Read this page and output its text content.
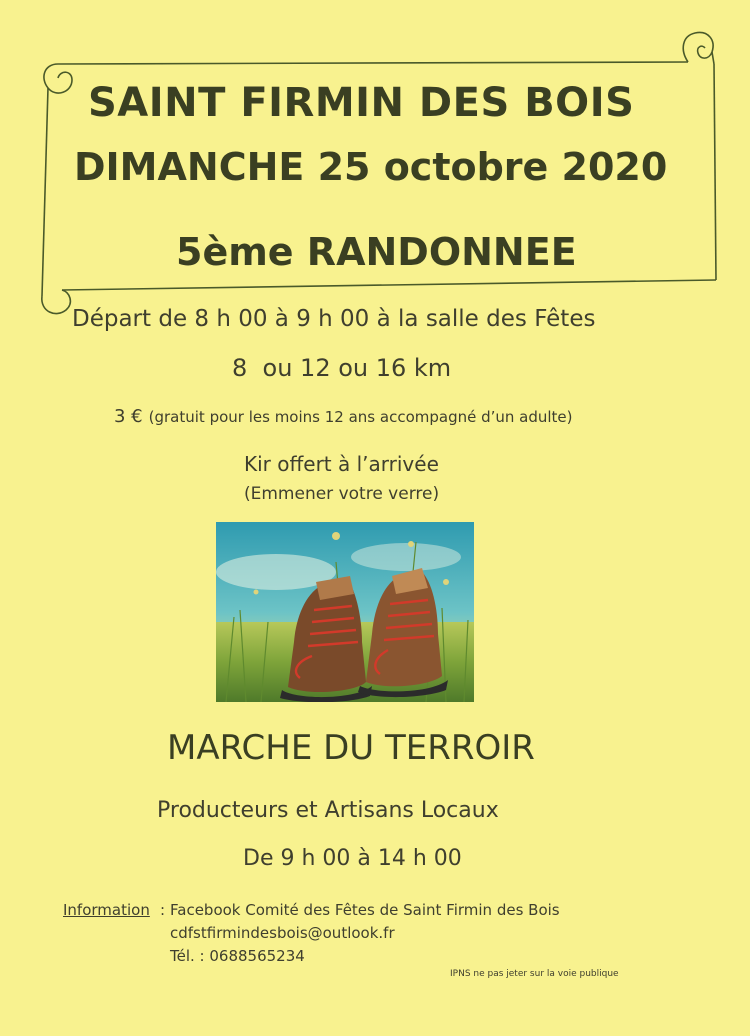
SAINT FIRMIN DES BOIS
DIMANCHE 25 octobre 2020
5ème RANDONNEE
Départ de 8 h 00 à 9 h 00 à la salle des Fêtes
8  ou 12 ou 16 km
3 € (gratuit pour les moins 12 ans accompagné d’un adulte)
Kir offert à l’arrivée
(Emmener votre verre)
MARCHE DU TERROIR
Producteurs et Artisans Locaux
De 9 h 00 à 14 h 00
Information : Facebook Comité des Fêtes de Saint Firmin des Bois
cdfstfirmindesbois@outlook.fr
Tél. : 0688565234
IPNS ne pas jeter sur la voie publique
